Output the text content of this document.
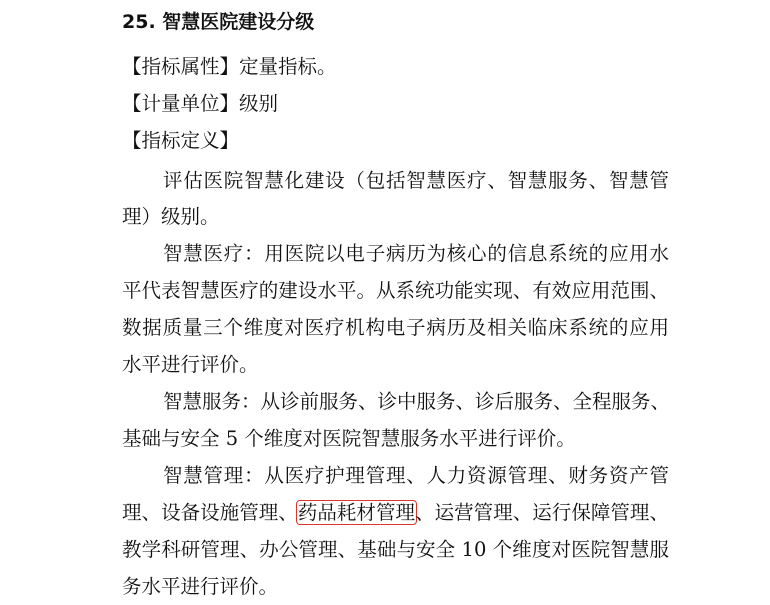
25. 智慧医院建设分级
【指标属性】定量指标。
【计量单位】级别
【指标定义】
评估医院智慧化建设（包括智慧医疗、智慧服务、智慧管
理）级别。
智慧医疗：用医院以电子病历为核心的信息系统的应用水
平代表智慧医疗的建设水平。从系统功能实现、有效应用范围、
数据质量三个维度对医疗机构电子病历及相关临床系统的应用
水平进行评价。
智慧服务：从诊前服务、诊中服务、诊后服务、全程服务、
基础与安全 5 个维度对医院智慧服务水平进行评价。
智慧管理：从医疗护理管理、人力资源管理、财务资产管
理、设备设施管理、药品耗材管理、运营管理、运行保障管理、
教学科研管理、办公管理、基础与安全 10 个维度对医院智慧服
务水平进行评价。
